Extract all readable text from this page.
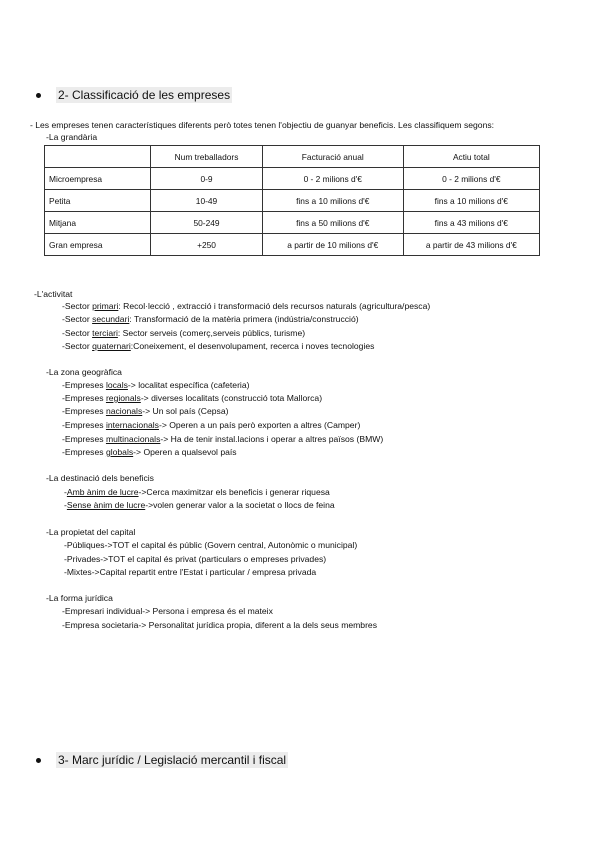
2- Classificació de les empreses
- Les empreses tenen característiques diferents però totes tenen l'objectiu de guanyar beneficis. Les classifiquem segons:
-La grandària
	Num treballadors	Facturació anual	Actiu total
Microempresa	0-9	0 - 2 milions d'€	0 - 2 milions d'€
Petita	10-49	fins a 10 milions d'€	fins a 10 milions d'€
Mitjana	50-249	fins a 50 milions d'€	fins a 43 milions d'€
Gran empresa	+250	a partir de 10 milions d'€	a partir de 43 milions d'€
-L'activitat
-Sector primari: Recol·lecció , extracció i transformació dels recursos naturals (agricultura/pesca)
-Sector secundari: Transformació de la matèria primera (indústria/construcció)
-Sector terciari: Sector serveis (comerç,serveis públics, turisme)
-Sector quaternari:Coneixement, el desenvolupament, recerca i noves tecnologies
-La zona geogràfica
-Empreses locals-> localitat específica (cafeteria)
-Empreses regionals-> diverses localitats (construcció tota Mallorca)
-Empreses nacionals-> Un sol país (Cepsa)
-Empreses internacionals-> Operen a un país però exporten a altres (Camper)
-Empreses multinacionals-> Ha de tenir instal.lacions i operar a altres països (BMW)
-Empreses globals-> Operen a qualsevol país
-La destinació dels beneficis
-Amb ànim de lucre->Cerca maximitzar els beneficis i generar riquesa
-Sense ànim de lucre->volen generar valor a la societat o llocs de feina
-La propietat del capital
-Públiques->TOT el capital és públic (Govern central, Autonòmic o municipal)
-Privades->TOT el capital és privat (particulars o empreses privades)
-Mixtes->Capital repartit entre l'Estat i particular / empresa privada
-La forma jurídica
-Empresari individual-> Persona i empresa és el mateix
-Empresa societaria-> Personalitat jurídica propia, diferent a la dels seus membres
3- Marc jurídic / Legislació mercantil i fiscal
